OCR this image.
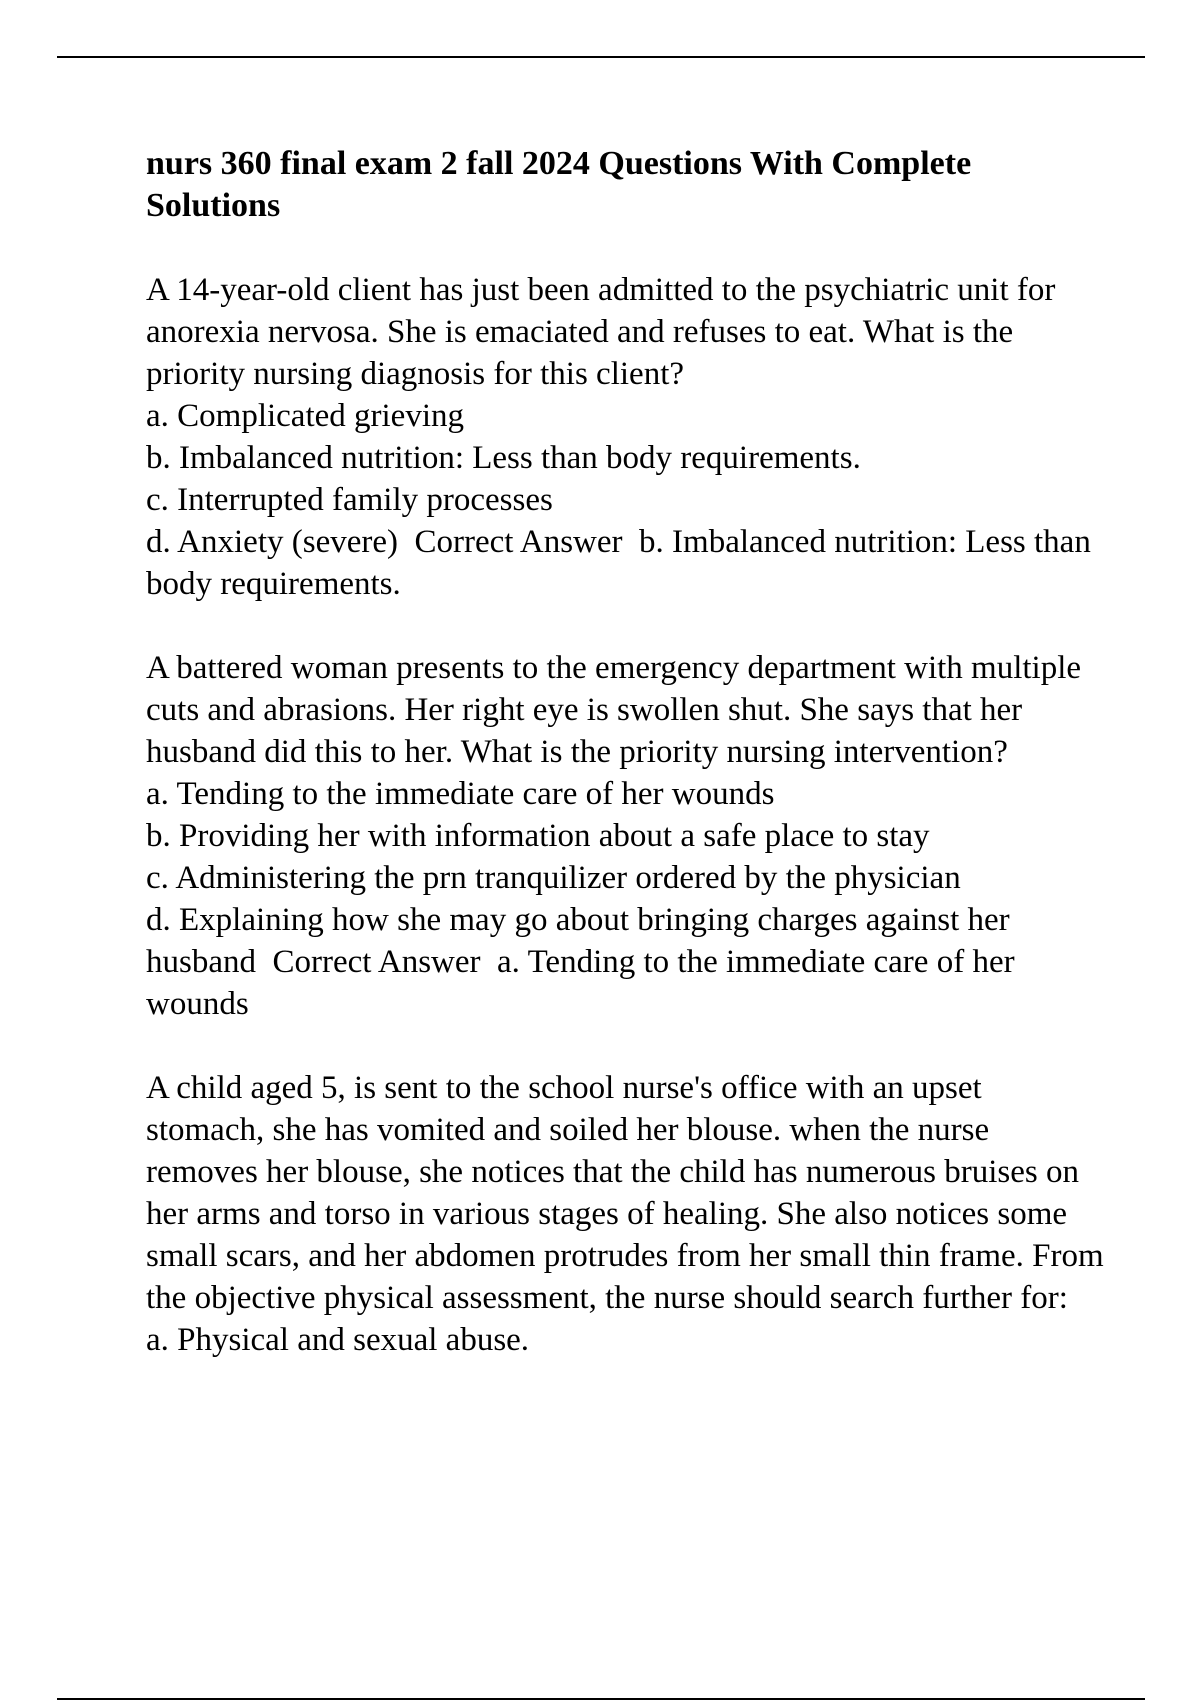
nurs 360 final exam 2 fall 2024 Questions With Complete Solutions

A 14-year-old client has just been admitted to the psychiatric unit for anorexia nervosa. She is emaciated and refuses to eat. What is the priority nursing diagnosis for this client?

a. Complicated grieving

b. Imbalanced nutrition: Less than body requirements.

c. Interrupted family processes

d. Anxiety (severe) Correct Answer b. Imbalanced nutrition: Less than body requirements.

A battered woman presents to the emergency department with multiple cuts and abrasions. Her right eye is swollen shut. She says that her husband did this to her. What is the priority nursing intervention?

a. Tending to the immediate care of her wounds

b. Providing her with information about a safe place to stay

c. Administering the prn tranquilizer ordered by the physician

d. Explaining how she may go about bringing charges against her husband Correct Answer a. Tending to the immediate care of her wounds

A child aged 5, is sent to the school nurse's office with an upset stomach, she has vomited and soiled her blouse. when the nurse removes her blouse, she notices that the child has numerous bruises on her arms and torso in various stages of healing. She also notices some small scars, and her abdomen protrudes from her small thin frame. From the objective physical assessment, the nurse should search further for:

a. Physical and sexual abuse.
